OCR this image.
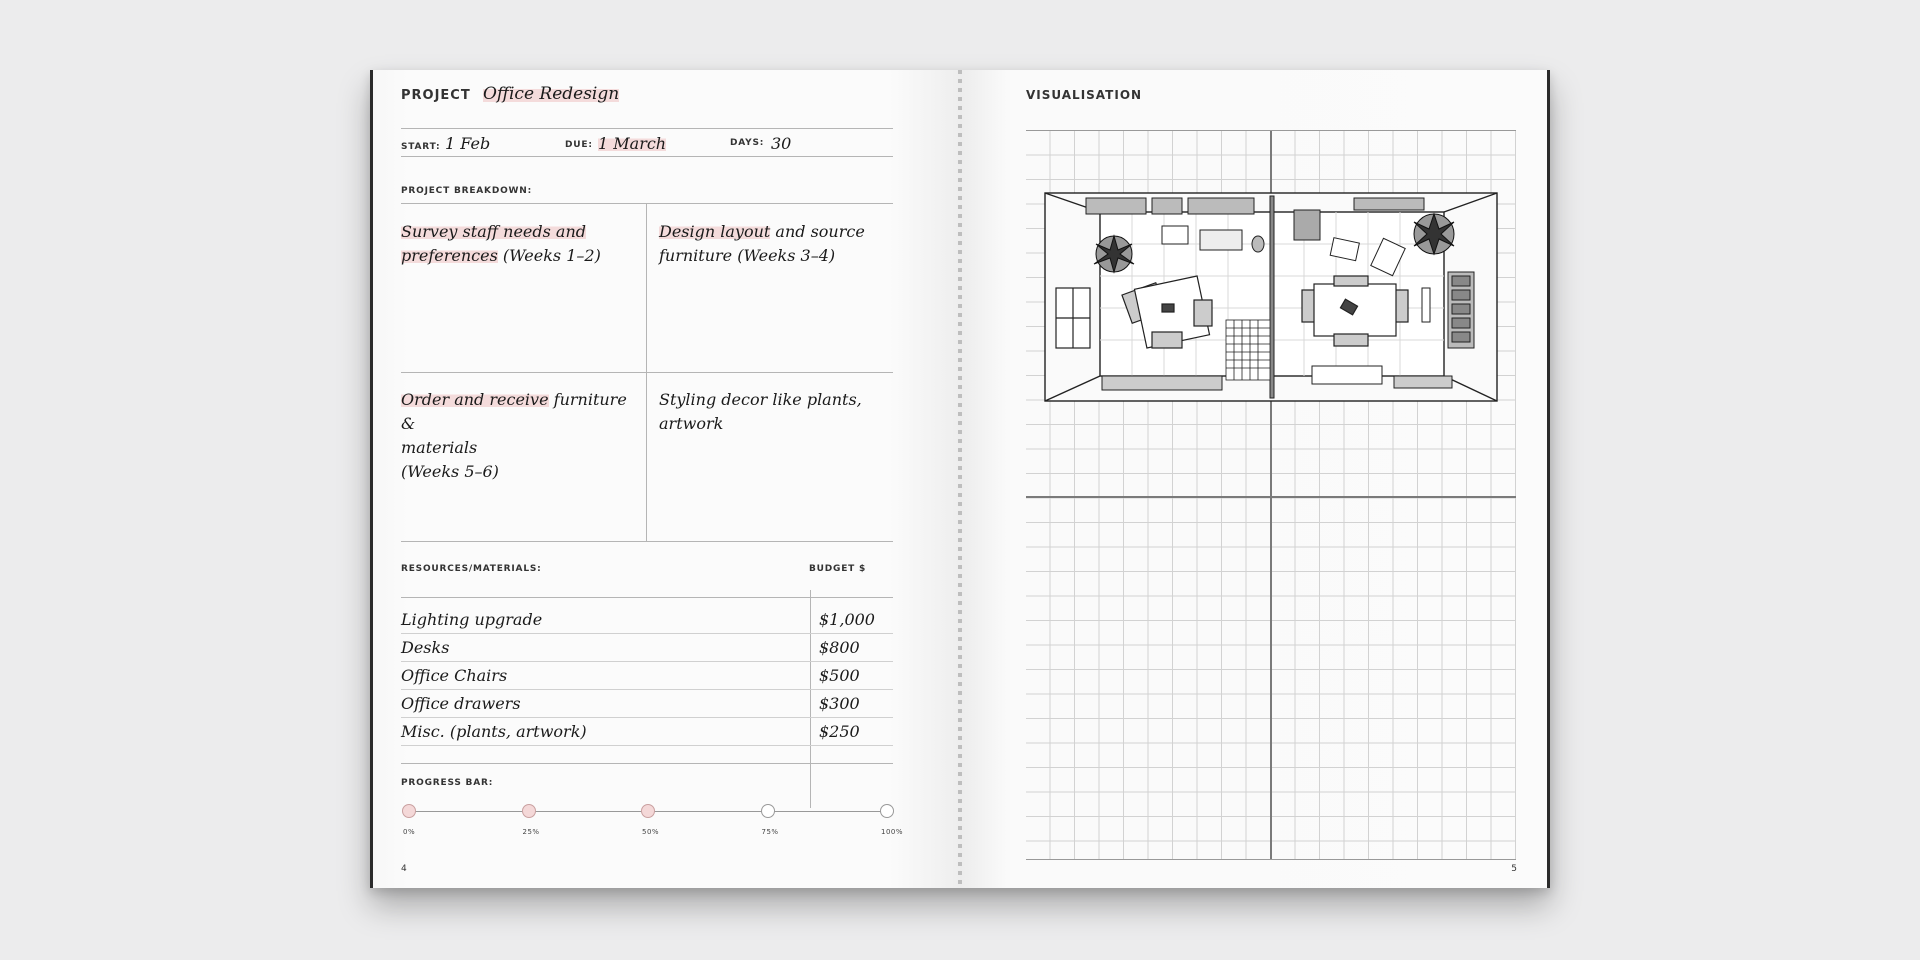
PROJECT Office Redesign
START: 1 Feb	DUE: 1 March	DAYS: 30
PROJECT BREAKDOWN:
Survey staff needs and
preferences (Weeks 1–2)
Design layout and source
furniture (Weeks 3–4)
Order and receive furniture &
materials
(Weeks 5–6)
Styling decor like plants,
artwork
RESOURCES/MATERIALS:	BUDGET $
Lighting upgrade	$1,000
Desks	$800
Office Chairs	$500
Office drawers	$300
Misc. (plants, artwork)	$250
PROGRESS BAR:
0%	25%	50%	75%	100%
4
VISUALISATION
5
